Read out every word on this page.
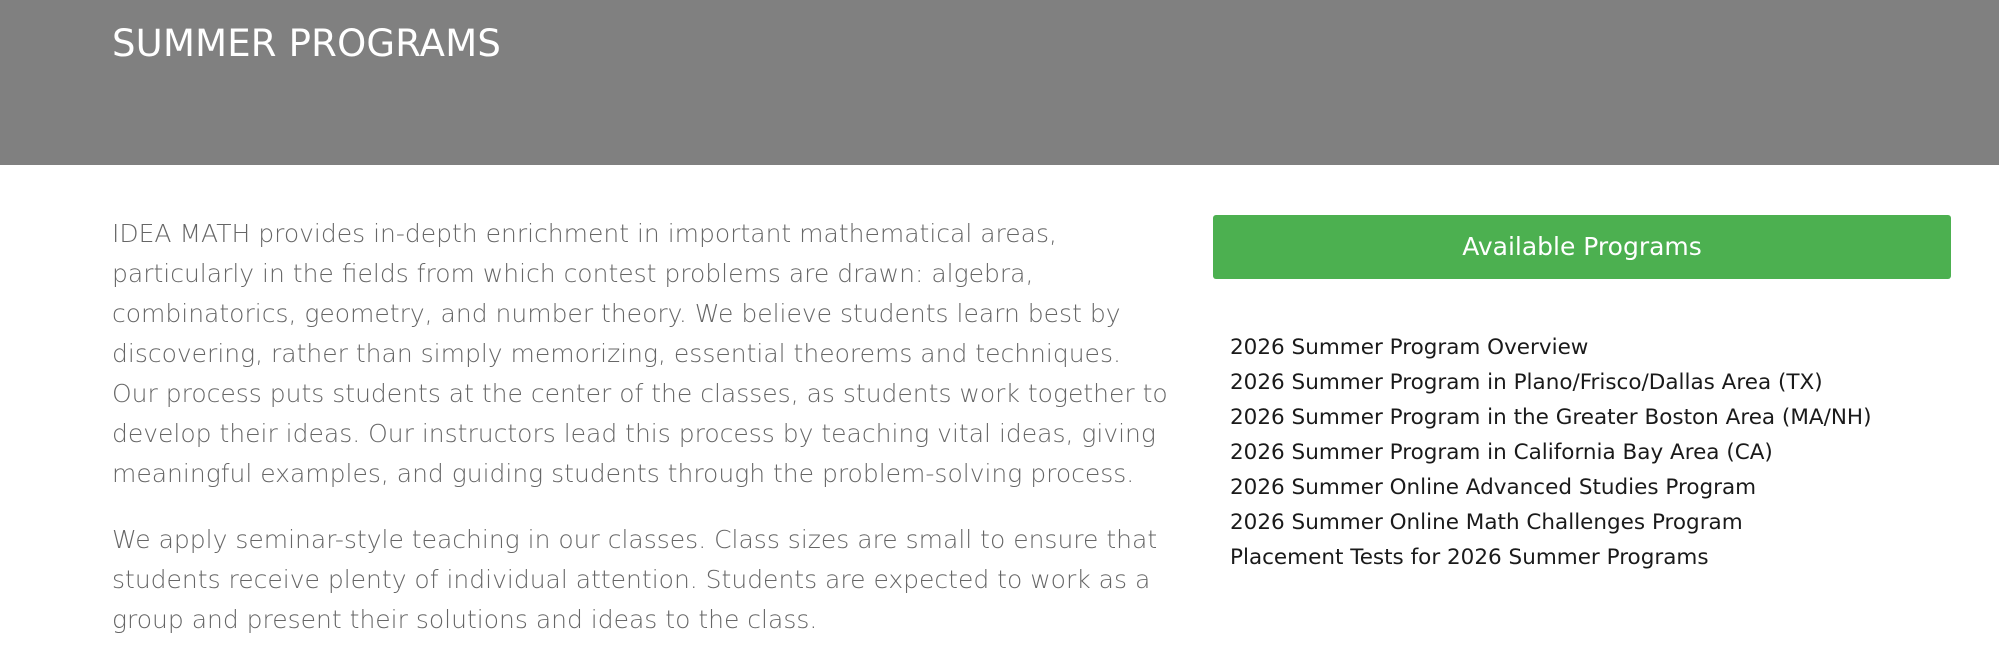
SUMMER PROGRAMS

IDEA MATH provides in-depth enrichment in important mathematical areas, particularly in the fields from which contest problems are drawn: algebra, combinatorics, geometry, and number theory. We believe students learn best by discovering, rather than simply memorizing, essential theorems and techniques. Our process puts students at the center of the classes, as students work together to develop their ideas. Our instructors lead this process by teaching vital ideas, giving meaningful examples, and guiding students through the problem-solving process.

We apply seminar-style teaching in our classes. Class sizes are small to ensure that students receive plenty of individual attention. Students are expected to work as a group and present their solutions and ideas to the class.

Available Programs
2026 Summer Program Overview
2026 Summer Program in Plano/Frisco/Dallas Area (TX)
2026 Summer Program in the Greater Boston Area (MA/NH)
2026 Summer Program in California Bay Area (CA)
2026 Summer Online Advanced Studies Program
2026 Summer Online Math Challenges Program
Placement Tests for 2026 Summer Programs
